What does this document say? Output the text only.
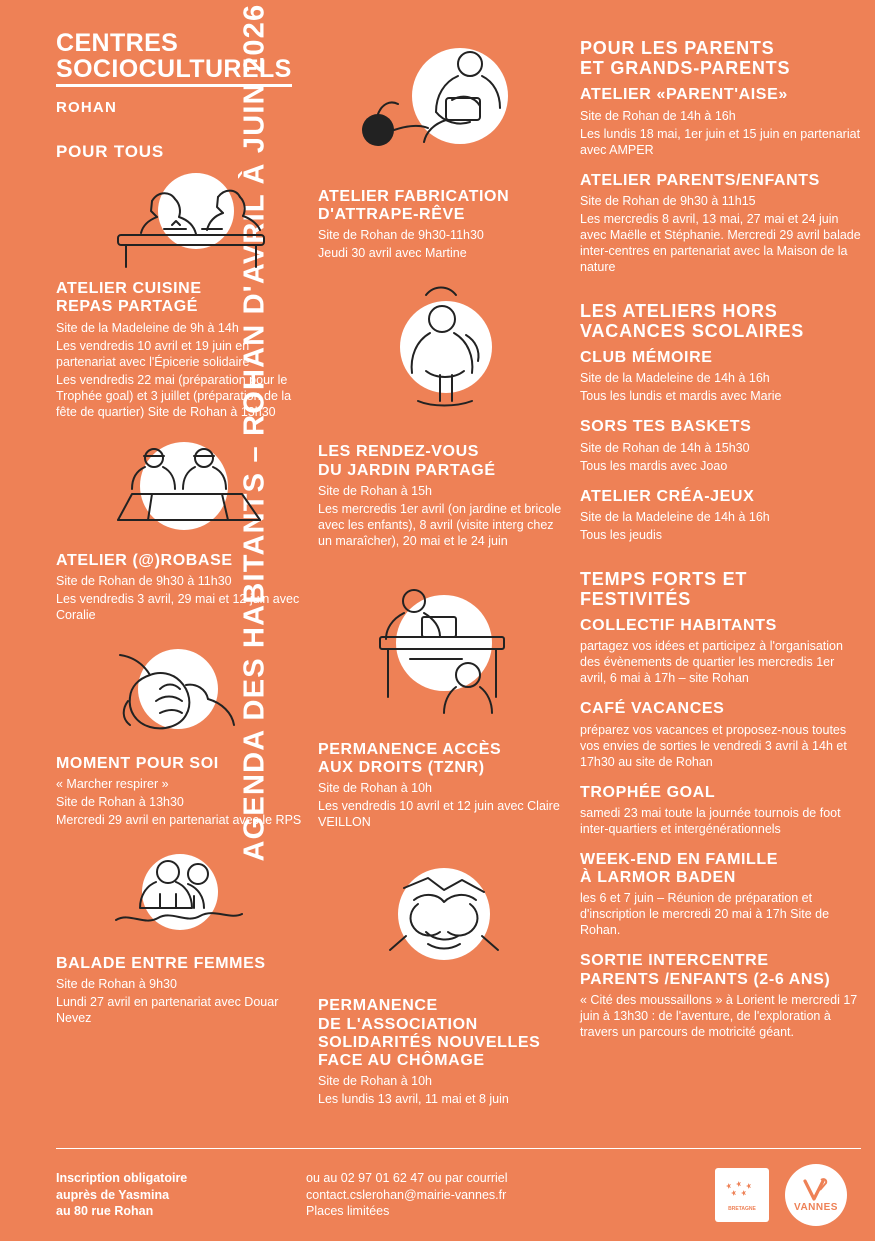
AGENDA DES HABITANTS – ROHAN D'AVRIL À JUIN 2026
CENTRES
SOCIOCULTURELS
ROHAN
POUR TOUS
ATELIER CUISINE
REPAS PARTAGÉ

Site de la Madeleine de 9h à 14h

Les vendredis 10 avril et 19 juin en partenariat avec l'Épicerie solidaire

Les vendredis 22 mai (préparation pour le Trophée goal) et 3 juillet (préparation de la fête de quartier) Site de Rohan à 13h30

ATELIER (@)ROBASE

Site de Rohan de 9h30 à 11h30

Les vendredis 3 avril, 29 mai et 12 juin avec Coralie

MOMENT POUR SOI

« Marcher respirer »

Site de Rohan à 13h30

Mercredi 29 avril en partenariat avec le RPS

BALADE ENTRE FEMMES

Site de Rohan à 9h30

Lundi 27 avril en partenariat avec Douar Nevez

ATELIER FABRICATION
D'ATTRAPE-RÊVE

Site de Rohan de 9h30-11h30

Jeudi 30 avril avec Martine

LES RENDEZ-VOUS
DU JARDIN PARTAGÉ

Site de Rohan à 15h

Les mercredis 1er avril (on jardine et bricole avec les enfants), 8 avril (visite interg chez un maraîcher), 20 mai et le 24 juin

PERMANENCE ACCÈS
AUX DROITS (TZNR)

Site de Rohan à 10h

Les vendredis 10 avril et 12 juin avec Claire VEILLON

PERMANENCE
DE L'ASSOCIATION
SOLIDARITÉS NOUVELLES
FACE AU CHÔMAGE

Site de Rohan à 10h

Les lundis 13 avril, 11 mai et 8 juin

POUR LES PARENTS
ET GRANDS-PARENTS
ATELIER «PARENT'AISE»

Site de Rohan de 14h à 16h

Les lundis 18 mai, 1er juin et 15 juin en partenariat avec AMPER

ATELIER PARENTS/ENFANTS

Site de Rohan de 9h30 à 11h15

Les mercredis 8 avril, 13 mai, 27 mai et 24 juin avec Maëlle et Stéphanie. Mercredi 29 avril balade inter-centres en partenariat avec la Maison de la nature

LES ATELIERS HORS
VACANCES SCOLAIRES
CLUB MÉMOIRE

Site de la Madeleine de 14h à 16h

Tous les lundis et mardis avec Marie

SORS TES BASKETS

Site de Rohan de 14h à 15h30

Tous les mardis avec Joao

ATELIER CRÉA-JEUX

Site de la Madeleine de 14h à 16h

Tous les jeudis

TEMPS FORTS ET FESTIVITÉS
COLLECTIF HABITANTS

partagez vos idées et participez à l'organisation des évènements de quartier les mercredis 1er avril, 6 mai à 17h – site Rohan

CAFÉ VACANCES

préparez vos vacances et proposez-nous toutes vos envies de sorties le vendredi 3 avril à 14h et 17h30 au site de Rohan

TROPHÉE GOAL

samedi 23 mai toute la journée tournois de foot inter-quartiers et intergénérationnels

WEEK-END EN FAMILLE
À LARMOR BADEN

les 6 et 7 juin – Réunion de préparation et d'inscription le mercredi 20 mai à 17h Site de Rohan.

SORTIE INTERCENTRE
PARENTS /ENFANTS (2-6 ANS)

« Cité des moussaillons » à Lorient le mercredi 17 juin à 13h30 : de l'aventure, de l'exploration à travers un parcours de motricité géant.

Inscription obligatoire
auprès de Yasmina
au 80 rue Rohan
ou au 02 97 01 62 47 ou par courriel
contact.cslerohan@mairie-vannes.fr
Places limitées	BRETAGNE	VANNES
